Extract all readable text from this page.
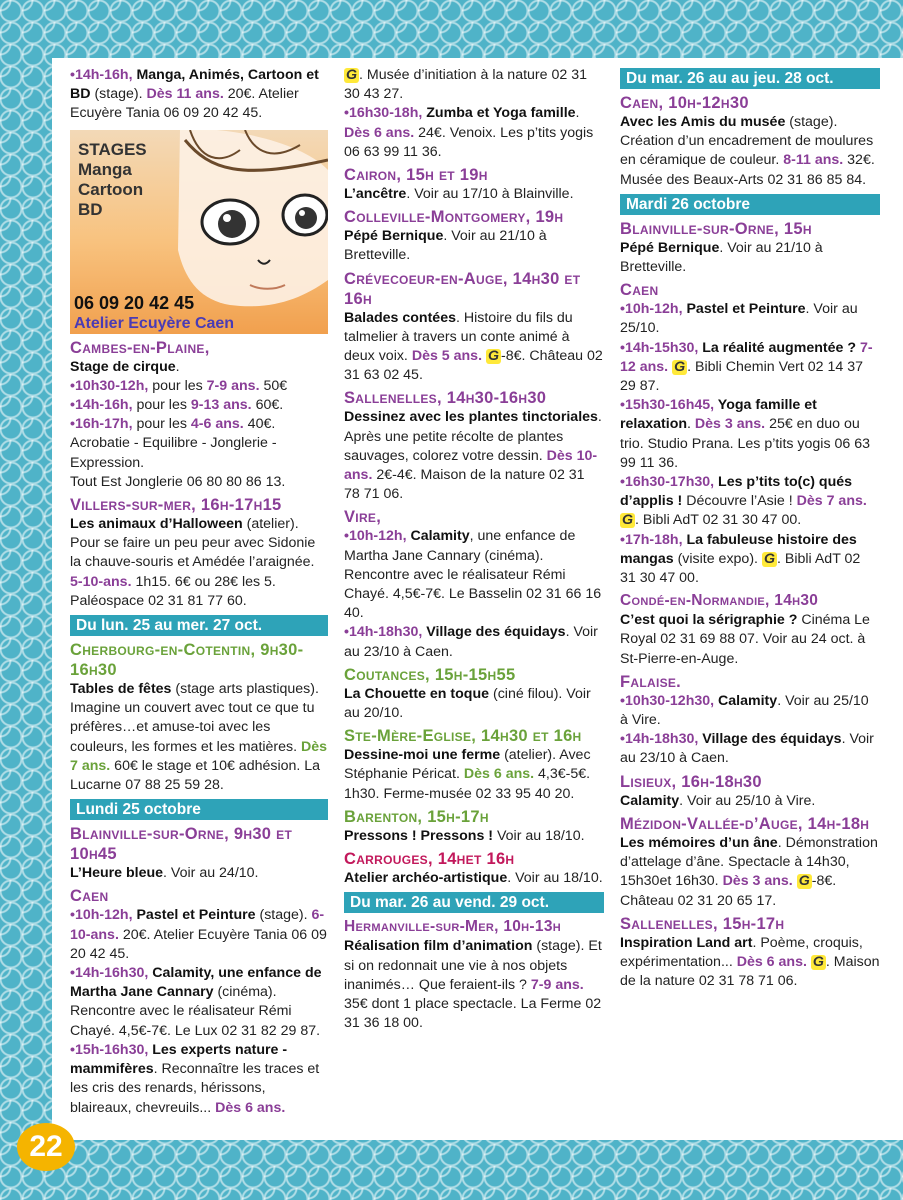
•14h-16h, Manga, Animés, Cartoon et BD (stage). Dès 11 ans. 20€. Atelier Ecuyère Tania 06 09 20 42 45.

STAGES Manga Cartoon BD
06 09 20 42 45
Atelier Ecuyère Caen
Cambes-en-Plaine,

Stage de cirque.

•10h30-12h, pour les 7-9 ans. 50€

•14h-16h, pour les 9-13 ans. 60€.

•16h-17h, pour les 4-6 ans. 40€.

Acrobatie - Equilibre - Jonglerie - Expression.

Tout Est Jonglerie 06 80 80 86 13.

Villers-sur-mer, 16h-17h15

Les animaux d’Halloween (atelier). Pour se faire un peu peur avec Sidonie la chauve-souris et Amédée l’araignée.

5-10-ans. 1h15. 6€ ou 28€ les 5. Paléospace 02 31 81 77 60.

Du lun. 25 au mer. 27 oct.
Cherbourg-en-Cotentin, 9h30-16h30

Tables de fêtes (stage arts plastiques). Imagine un couvert avec tout ce que tu préfères…et amuse-toi avec les couleurs, les formes et les matières. Dès 7 ans. 60€ le stage et 10€ adhésion. La Lucarne 07 88 25 59 28.

Lundi 25 octobre
Blainville-sur-Orne, 9h30 et 10h45

L’Heure bleue. Voir au 24/10.

Caen

•10h-12h, Pastel et Peinture (stage). 6-10-ans. 20€. Atelier Ecuyère Tania 06 09 20 42 45.

•14h-16h30, Calamity, une enfance de Martha Jane Cannary (cinéma). Rencontre avec le réalisateur Rémi Chayé. 4,5€-7€. Le Lux 02 31 82 29 87.

•15h-16h30, Les experts nature - mammifères. Reconnaître les traces et les cris des renards, hérissons, blaireaux, chevreuils... Dès 6 ans.

G . Musée d’initiation à la nature 02 31 30 43 27.

•16h30-18h, Zumba et Yoga famille. Dès 6 ans. 24€. Venoix. Les p’tits yogis 06 63 99 11 36.

Cairon, 15h et 19h

L’ancêtre. Voir au 17/10 à Blainville.

Colleville-Montgomery, 19h

Pépé Bernique. Voir au 21/10 à Bretteville.

Crévecoeur-en-Auge, 14h30 et 16h

Balades contées. Histoire du fils du talmelier à travers un conte animé à deux voix. Dès 5 ans. G -8€. Château 02 31 63 02 45.

Sallenelles, 14h30-16h30

Dessinez avec les plantes tinctoriales. Après une petite récolte de plantes sauvages, colorez votre dessin. Dès 10-ans. 2€-4€. Maison de la nature 02 31 78 71 06.

Vire,

•10h-12h, Calamity, une enfance de Martha Jane Cannary (cinéma). Rencontre avec le réalisateur Rémi Chayé. 4,5€-7€. Le Basselin 02 31 66 16 40.

•14h-18h30, Village des équidays. Voir au 23/10 à Caen.

Coutances, 15h-15h55

La Chouette en toque (ciné filou). Voir au 20/10.

Ste-Mère-Eglise, 14h30 et 16h

Dessine-moi une ferme (atelier). Avec Stéphanie Péricat. Dès 6 ans. 4,3€-5€. 1h30. Ferme-musée 02 33 95 40 20.

Barenton, 15h-17h

Pressons ! Pressons ! Voir au 18/10.

Carrouges, 14het 16h

Atelier archéo-artistique. Voir au 18/10.

Du mar. 26 au vend. 29 oct.
Hermanville-sur-Mer, 10h-13h

Réalisation film d’animation (stage). Et si on redonnait une vie à nos objets inanimés… Que feraient-ils ? 7-9 ans. 35€ dont 1 place spectacle. La Ferme 02 31 36 18 00.

Du mar. 26 au au jeu. 28 oct.
Caen, 10h-12h30

Avec les Amis du musée (stage). Création d’un encadrement de moulures en céramique de couleur. 8-11 ans. 32€. Musée des Beaux-Arts 02 31 86 85 84.

Mardi 26 octobre
Blainville-sur-Orne, 15h

Pépé Bernique. Voir au 21/10 à Bretteville.

Caen

•10h-12h, Pastel et Peinture. Voir au 25/10.

•14h-15h30, La réalité augmentée ? 7-12 ans. G . Bibli Chemin Vert 02 14 37 29 87.

•15h30-16h45, Yoga famille et relaxation. Dès 3 ans. 25€ en duo ou trio. Studio Prana. Les p’tits yogis 06 63 99 11 36.

•16h30-17h30, Les p’tits to(c) qués d’applis ! Découvre l’Asie ! Dès 7 ans. G . Bibli AdT 02 31 30 47 00.

•17h-18h, La fabuleuse histoire des mangas (visite expo). G . Bibli AdT 02 31 30 47 00.

Condé-en-Normandie, 14h30

C’est quoi la sérigraphie ? Cinéma Le Royal 02 31 69 88 07. Voir au 24 oct. à St-Pierre-en-Auge.

Falaise.

•10h30-12h30, Calamity. Voir au 25/10 à Vire.

•14h-18h30, Village des équidays. Voir au 23/10 à Caen.

Lisieux, 16h-18h30

Calamity. Voir au 25/10 à Vire.

Mézidon-Vallée-d’Auge, 14h-18h

Les mémoires d’un âne. Démonstration d’attelage d’âne. Spectacle à 14h30, 15h30et 16h30. Dès 3 ans. G -8€. Château 02 31 20 65 17.

Sallenelles, 15h-17h

Inspiration Land art. Poème, croquis, expérimentation... Dès 6 ans. G . Maison de la nature 02 31 78 71 06.

22
